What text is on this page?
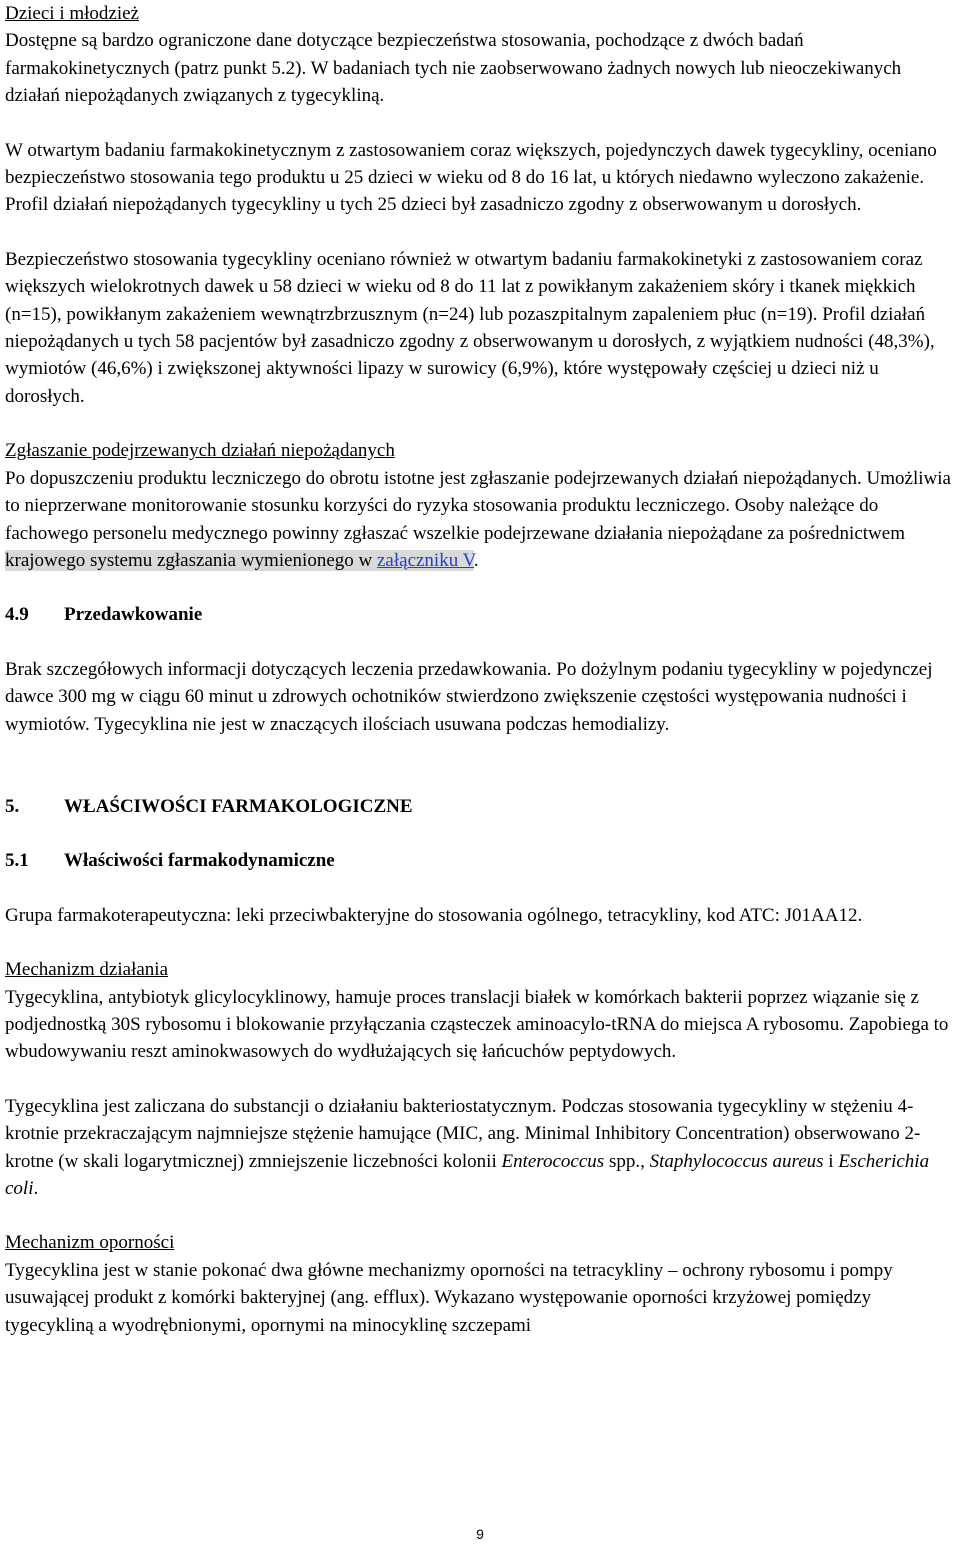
Dzieci i młodzież

Dostępne są bardzo ograniczone dane dotyczące bezpieczeństwa stosowania, pochodzące z dwóch badań farmakokinetycznych (patrz punkt 5.2). W badaniach tych nie zaobserwowano żadnych nowych lub nieoczekiwanych działań niepożądanych związanych z tygecykliną.

W otwartym badaniu farmakokinetycznym z zastosowaniem coraz większych, pojedynczych dawek tygecykliny, oceniano bezpieczeństwo stosowania tego produktu u 25 dzieci w wieku od 8 do 16 lat, u których niedawno wyleczono zakażenie. Profil działań niepożądanych tygecykliny u tych 25 dzieci był zasadniczo zgodny z obserwowanym u dorosłych.

Bezpieczeństwo stosowania tygecykliny oceniano również w otwartym badaniu farmakokinetyki z zastosowaniem coraz większych wielokrotnych dawek u 58 dzieci w wieku od 8 do 11 lat z powikłanym zakażeniem skóry i tkanek miękkich (n=15), powikłanym zakażeniem wewnątrzbrzusznym (n=24) lub pozaszpitalnym zapaleniem płuc (n=19). Profil działań niepożądanych u tych 58 pacjentów był zasadniczo zgodny z obserwowanym u dorosłych, z wyjątkiem nudności (48,3%), wymiotów (46,6%) i zwiększonej aktywności lipazy w surowicy (6,9%), które występowały częściej u dzieci niż u dorosłych.

Zgłaszanie podejrzewanych działań niepożądanych

Po dopuszczeniu produktu leczniczego do obrotu istotne jest zgłaszanie podejrzewanych działań niepożądanych. Umożliwia to nieprzerwane monitorowanie stosunku korzyści do ryzyka stosowania produktu leczniczego. Osoby należące do fachowego personelu medycznego powinny zgłaszać wszelkie podejrzewane działania niepożądane za pośrednictwem krajowego systemu zgłaszania wymienionego w załączniku V.

4.9 Przedawkowanie

Brak szczegółowych informacji dotyczących leczenia przedawkowania. Po dożylnym podaniu tygecykliny w pojedynczej dawce 300 mg w ciągu 60 minut u zdrowych ochotników stwierdzono zwiększenie częstości występowania nudności i wymiotów. Tygecyklina nie jest w znaczących ilościach usuwana podczas hemodializy.

5. WŁAŚCIWOŚCI FARMAKOLOGICZNE

5.1 Właściwości farmakodynamiczne

Grupa farmakoterapeutyczna: leki przeciwbakteryjne do stosowania ogólnego, tetracykliny, kod ATC: J01AA12.

Mechanizm działania

Tygecyklina, antybiotyk glicylocyklinowy, hamuje proces translacji białek w komórkach bakterii poprzez wiązanie się z podjednostką 30S rybosomu i blokowanie przyłączania cząsteczek aminoacylo-tRNA do miejsca A rybosomu. Zapobiega to wbudowywaniu reszt aminokwasowych do wydłużających się łańcuchów peptydowych.

Tygecyklina jest zaliczana do substancji o działaniu bakteriostatycznym. Podczas stosowania tygecykliny w stężeniu 4-krotnie przekraczającym najmniejsze stężenie hamujące (MIC, ang. Minimal Inhibitory Concentration) obserwowano 2-krotne (w skali logarytmicznej) zmniejszenie liczebności kolonii Enterococcus spp., Staphylococcus aureus i Escherichia coli.

Mechanizm oporności

Tygecyklina jest w stanie pokonać dwa główne mechanizmy oporności na tetracykliny – ochrony rybosomu i pompy usuwającej produkt z komórki bakteryjnej (ang. efflux). Wykazano występowanie oporności krzyżowej pomiędzy tygecykliną a wyodrębnionymi, opornymi na minocyklinę szczepami

9
